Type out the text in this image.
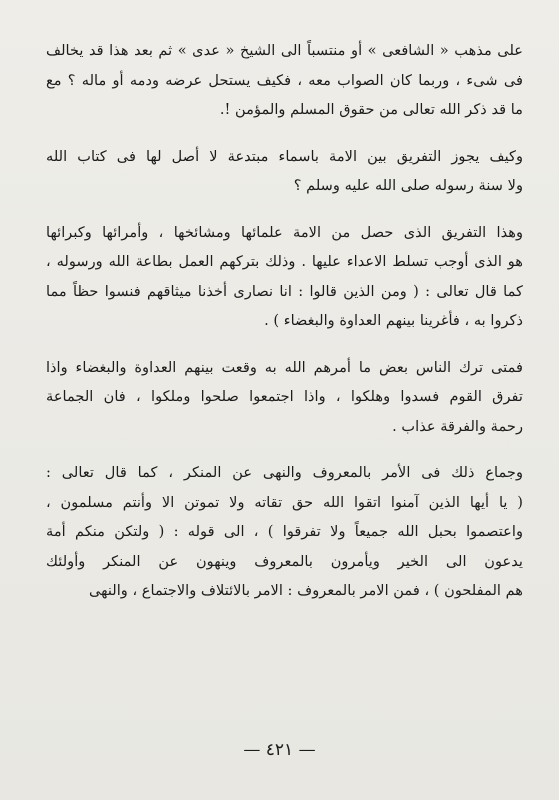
على مذهب « الشافعى » أو منتسباً الى الشيخ « عدى » ثم بعد هذا قد يخالف
فى شىء ، وربما كان الصواب معه ، فكيف يستحل عرضه ودمه أو ماله ؟ مع
ما قد ذكر الله تعالى من حقوق المسلم والمؤمن !.
وكيف يجوز التفريق بين الامة باسماء مبتدعة لا أصل لها فى كتاب الله
ولا سنة رسوله صلى الله عليه وسلم ؟
وهذا التفريق الذى حصل من الامة علمائها ومشائخها ، وأمرائها وكبرائها
هو الذى أوجب تسلط الاعداء عليها . وذلك بتركهم العمل بطاعة الله ورسوله ،
كما قال تعالى : ( ومن الذين قالوا : انا نصارى أخذنا ميثاقهم فنسوا حظاً مما
ذكروا به ، فأغرينا بينهم العداوة والبغضاء ) .
فمتى ترك الناس بعض ما أمرهم الله به وقعت بينهم العداوة والبغضاء واذا
تفرق القوم فسدوا وهلكوا ، واذا اجتمعوا صلحوا وملكوا ، فان الجماعة
رحمة والفرقة عذاب .
وجماع ذلك فى الأمر بالمعروف والنهى عن المنكر ، كما قال تعالى :
( يا أيها الذين آمنوا اتقوا الله حق تقاته ولا تموتن الا وأنتم مسلمون ،
واعتصموا بحبل الله جميعاً ولا تفرقوا ) ، الى قوله : ( ولتكن منكم أمة
يدعون الى الخير ويأمرون بالمعروف وينهون عن المنكر وأولئك
هم المفلحون ) ، فمن الامر بالمعروف : الامر بالائتلاف والاجتماع ، والنهى
— ٤٢١ —
